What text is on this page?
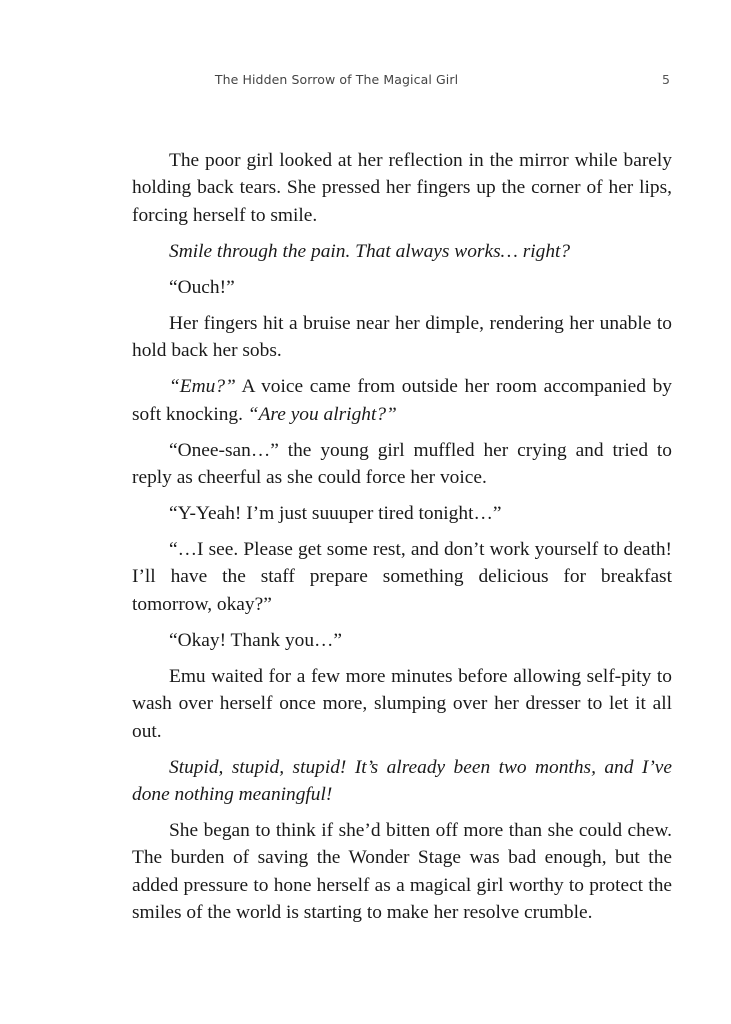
The Hidden Sorrow of The Magical Girl	5

The poor girl looked at her reflection in the mirror while barely holding back tears. She pressed her fingers up the corner of her lips, forcing herself to smile.

Smile through the pain. That always works… right?

“Ouch!”

Her fingers hit a bruise near her dimple, rendering her unable to hold back her sobs.

“Emu?” A voice came from outside her room accompanied by soft knocking. “Are you alright?”

“Onee-san…” the young girl muffled her crying and tried to reply as cheerful as she could force her voice.

“Y-Yeah! I’m just suuuper tired tonight…”

“…I see. Please get some rest, and don’t work yourself to death! I’ll have the staff prepare something delicious for breakfast tomorrow, okay?”

“Okay! Thank you…”

Emu waited for a few more minutes before allowing self-pity to wash over herself once more, slumping over her dresser to let it all out.

Stupid, stupid, stupid! It’s already been two months, and I’ve done nothing meaningful!

She began to think if she’d bitten off more than she could chew. The burden of saving the Wonder Stage was bad enough, but the added pressure to hone herself as a magical girl worthy to protect the smiles of the world is starting to make her resolve crumble.
